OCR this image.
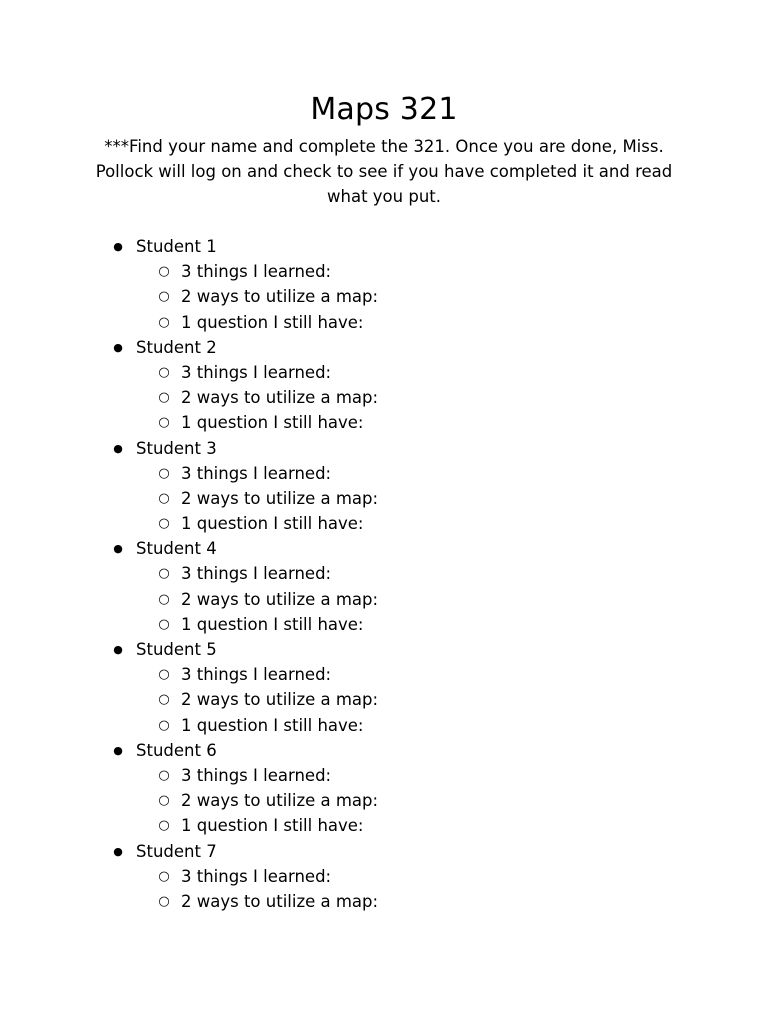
Maps 321
***Find your name and complete the 321. Once you are done, Miss.
Pollock will log on and check to see if you have completed it and read
what you put.
● Student 1
○ 3 things I learned:
○ 2 ways to utilize a map:
○ 1 question I still have:
● Student 2
○ 3 things I learned:
○ 2 ways to utilize a map:
○ 1 question I still have:
● Student 3
○ 3 things I learned:
○ 2 ways to utilize a map:
○ 1 question I still have:
● Student 4
○ 3 things I learned:
○ 2 ways to utilize a map:
○ 1 question I still have:
● Student 5
○ 3 things I learned:
○ 2 ways to utilize a map:
○ 1 question I still have:
● Student 6
○ 3 things I learned:
○ 2 ways to utilize a map:
○ 1 question I still have:
● Student 7
○ 3 things I learned:
○ 2 ways to utilize a map:
